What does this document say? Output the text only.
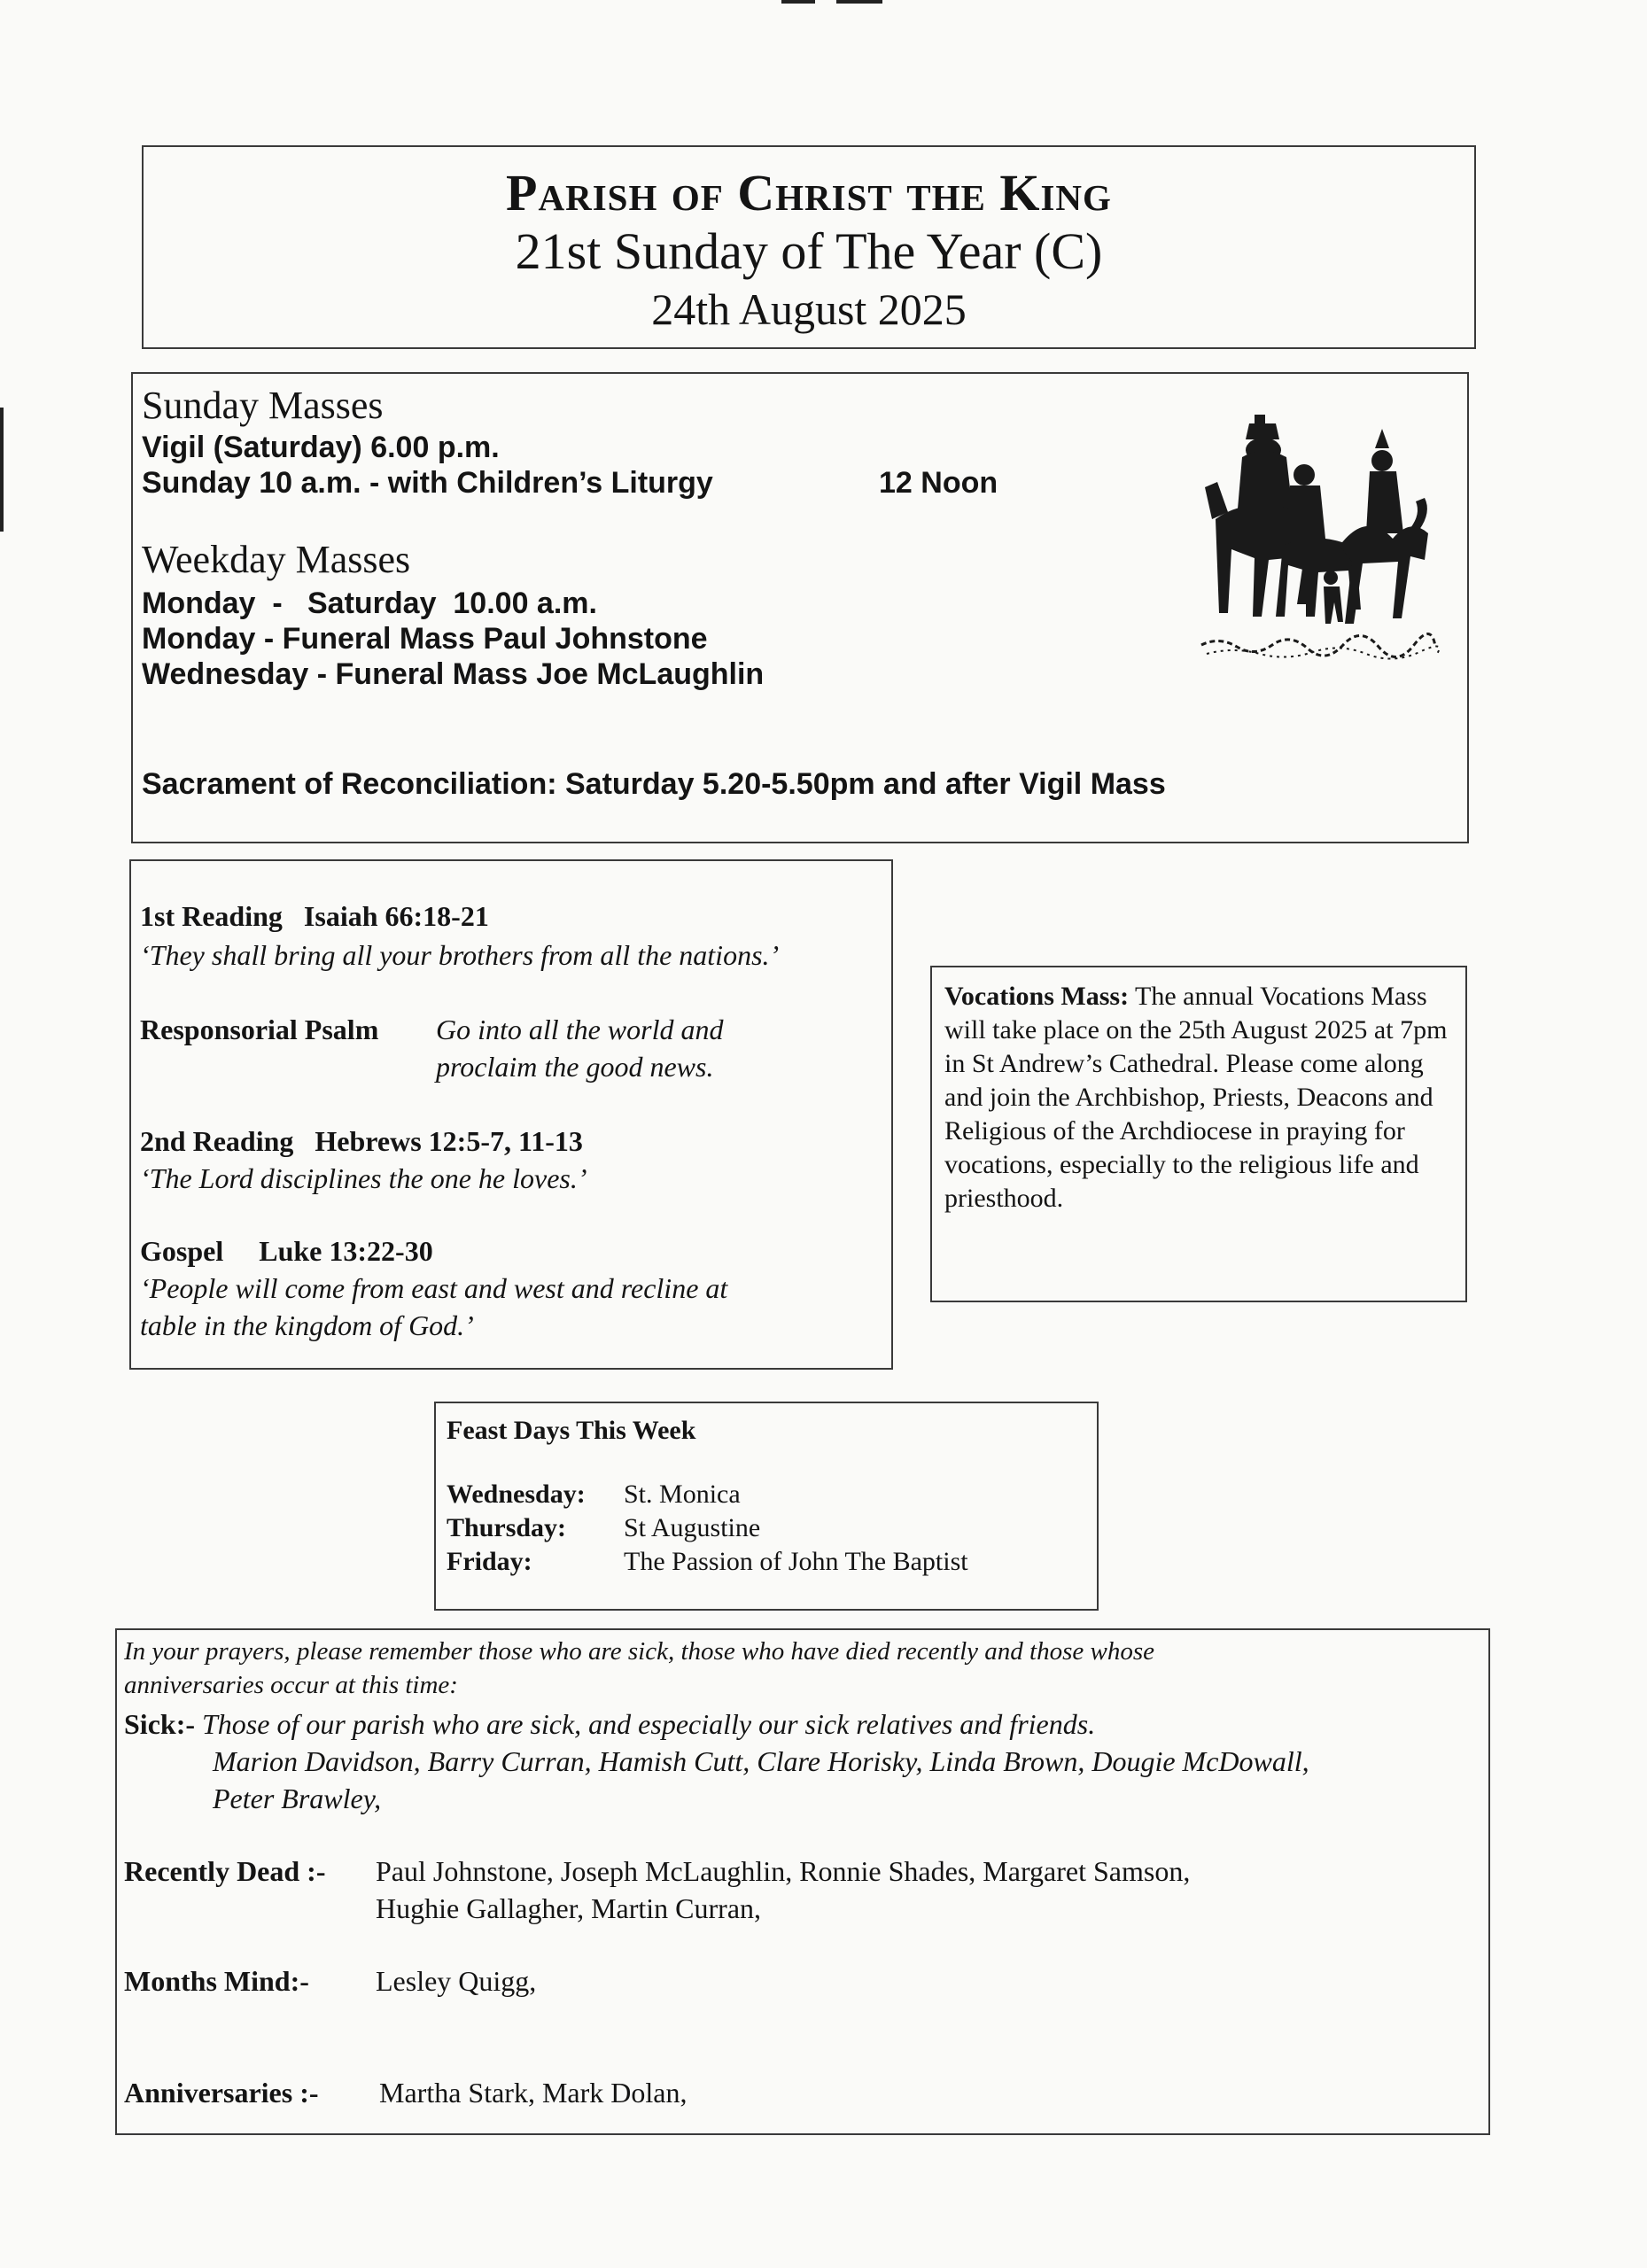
Parish of Christ the King
21st Sunday of The Year (C)
24th August 2025
Sunday Masses
Vigil (Saturday) 6.00 p.m.
Sunday 10 a.m. - with Children’s Liturgy	12 Noon
Weekday Masses
Monday  -   Saturday  10.00 a.m.
Monday - Funeral Mass Paul Johnstone
Wednesday - Funeral Mass Joe McLaughlin
Sacrament of Reconciliation: Saturday 5.20-5.50pm and after Vigil Mass
1st Reading   Isaiah 66:18-21
‘They shall bring all your brothers from all the nations.’
Responsorial Psalm Go into all the world and
proclaim the good news.
2nd Reading   Hebrews 12:5-7, 11-13
‘The Lord disciplines the one he loves.’
Gospel     Luke 13:22-30
‘People will come from east and west and recline at
table in the kingdom of God.’

Vocations Mass: The annual Vocations Mass will take place on the 25th August 2025 at 7pm in St Andrew’s Cathedral. Please come along and join the Archbishop, Priests, Deacons and Religious of the Archdiocese in praying for vocations, especially to the religious life and priesthood.

Feast Days This Week
Wednesday: St. Monica
Thursday: St Augustine
Friday:	The Passion of John The Baptist
In your prayers, please remember those who are sick, those who have died recently and those whose
anniversaries occur at this time:
Sick:- Those of our parish who are sick, and especially our sick relatives and friends.
Marion Davidson, Barry Curran, Hamish Cutt, Clare Horisky, Linda Brown, Dougie McDowall,
Peter Brawley,
Recently Dead :- Paul Johnstone, Joseph McLaughlin, Ronnie Shades, Margaret Samson,
Hughie Gallagher, Martin Curran,
Months Mind:- Lesley Quigg,
Anniversaries :- Martha Stark, Mark Dolan,
